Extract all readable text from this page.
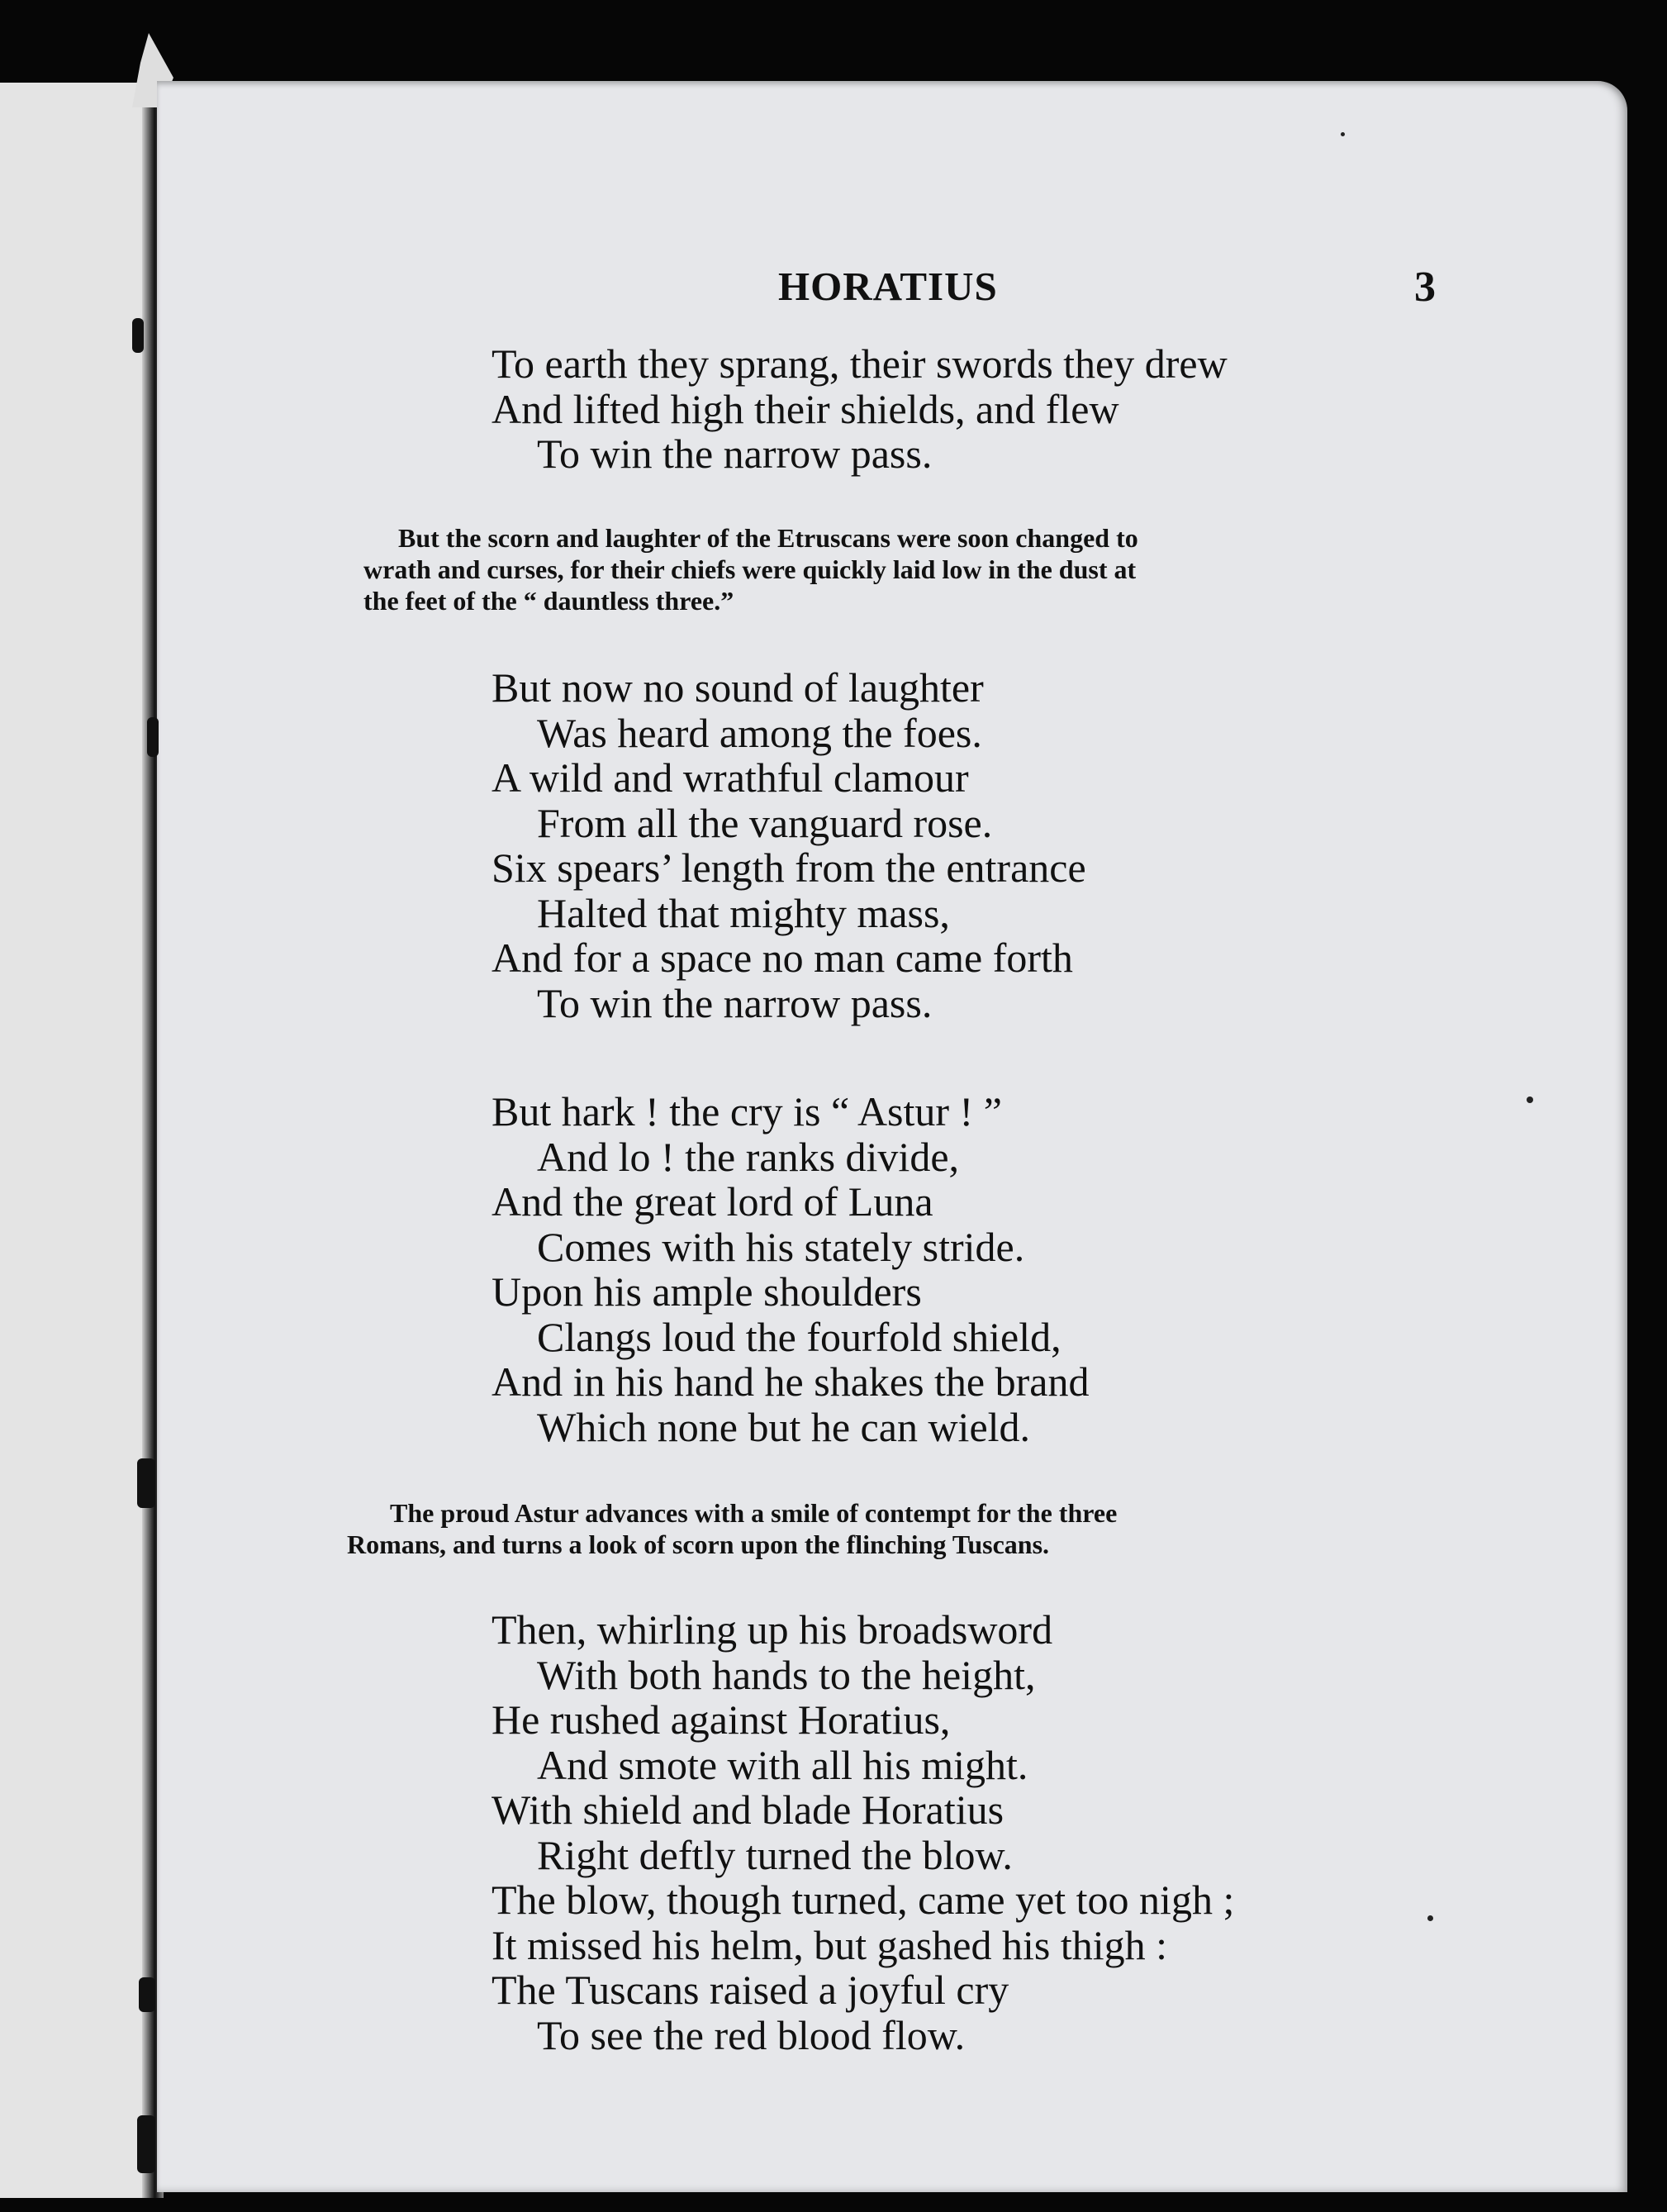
HORATIUS	3
To earth they sprang, their swords they drew
And lifted high their shields, and flew
To win the narrow pass.
But the scorn and laughter of the Etruscans were soon changed to
wrath and curses, for their chiefs were quickly laid low in the dust at
the feet of the “ dauntless three.”
But now no sound of laughter
Was heard among the foes.
A wild and wrathful clamour
From all the vanguard rose.
Six spears’ length from the entrance
Halted that mighty mass,
And for a space no man came forth
To win the narrow pass.
But hark ! the cry is “ Astur ! ”
And lo ! the ranks divide,
And the great lord of Luna
Comes with his stately stride.
Upon his ample shoulders
Clangs loud the fourfold shield,
And in his hand he shakes the brand
Which none but he can wield.
The proud Astur advances with a smile of contempt for the three
Romans, and turns a look of scorn upon the flinching Tuscans.
Then, whirling up his broadsword
With both hands to the height,
He rushed against Horatius,
And smote with all his might.
With shield and blade Horatius
Right deftly turned the blow.
The blow, though turned, came yet too nigh ;
It missed his helm, but gashed his thigh :
The Tuscans raised a joyful cry
To see the red blood flow.
